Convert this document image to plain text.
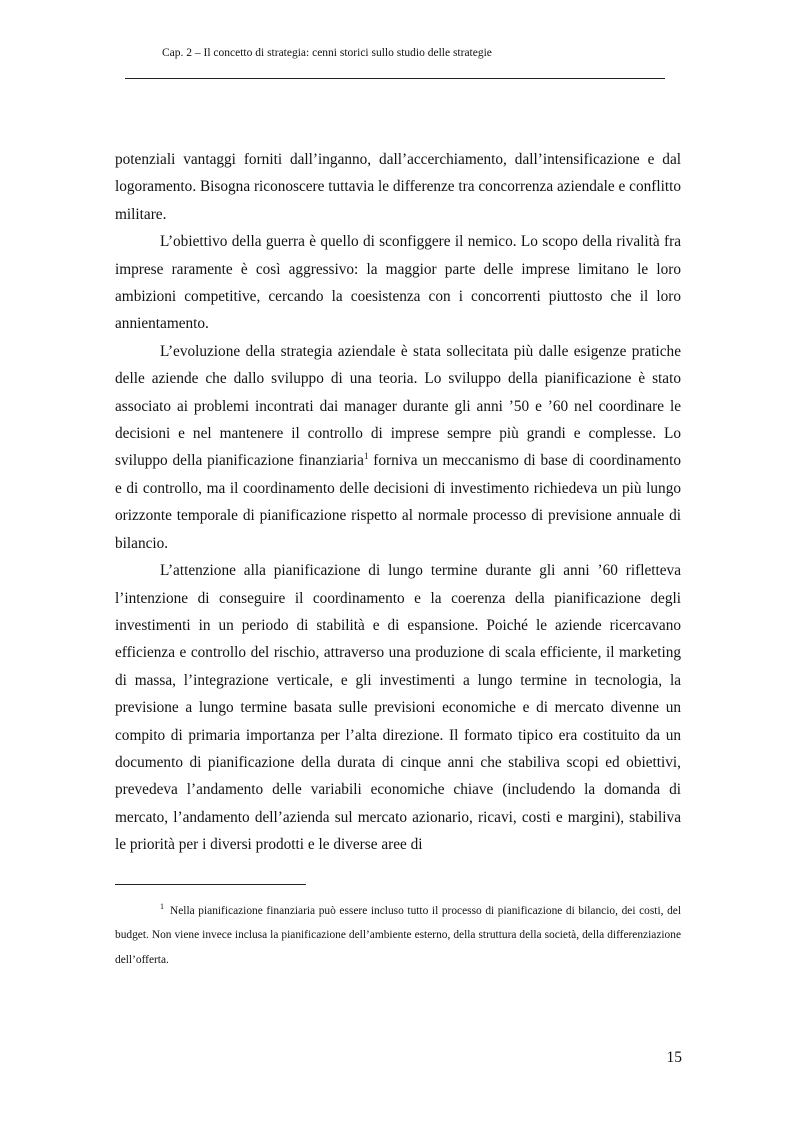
Cap. 2 – Il concetto di strategia: cenni storici sullo studio delle strategie

potenziali vantaggi forniti dall’inganno, dall’accerchiamento, dall’intensificazione e dal logoramento. Bisogna riconoscere tuttavia le differenze tra concorrenza aziendale e conflitto militare.

L’obiettivo della guerra è quello di sconfiggere il nemico. Lo scopo della rivalità fra imprese raramente è così aggressivo: la maggior parte delle imprese limitano le loro ambizioni competitive, cercando la coesistenza con i concorrenti piuttosto che il loro annientamento.

L’evoluzione della strategia aziendale è stata sollecitata più dalle esigenze pratiche delle aziende che dallo sviluppo di una teoria. Lo sviluppo della pianificazione è stato associato ai problemi incontrati dai manager durante gli anni ’50 e ’60 nel coordinare le decisioni e nel mantenere il controllo di imprese sempre più grandi e complesse. Lo sviluppo della pianificazione finanziaria$^1$ forniva un meccanismo di base di coordinamento e di controllo, ma il coordinamento delle decisioni di investimento richiedeva un più lungo orizzonte temporale di pianificazione rispetto al normale processo di previsione annuale di bilancio.

L’attenzione alla pianificazione di lungo termine durante gli anni ’60 rifletteva l’intenzione di conseguire il coordinamento e la coerenza della pianificazione degli investimenti in un periodo di stabilità e di espansione. Poiché le aziende ricercavano efficienza e controllo del rischio, attraverso una produzione di scala efficiente, il marketing di massa, l’integrazione verticale, e gli investimenti a lungo termine in tecnologia, la previsione a lungo termine basata sulle previsioni economiche e di mercato divenne un compito di primaria importanza per l’alta direzione. Il formato tipico era costituito da un documento di pianificazione della durata di cinque anni che stabiliva scopi ed obiettivi, prevedeva l’andamento delle variabili economiche chiave (includendo la domanda di mercato, l’andamento dell’azienda sul mercato azionario, ricavi, costi e margini), stabiliva le priorità per i diversi prodotti e le diverse aree di

$^1$ Nella pianificazione finanziaria può essere incluso tutto il processo di pianificazione di bilancio, dei costi, del budget. Non viene invece inclusa la pianificazione dell’ambiente esterno, della struttura della società, della differenziazione dell’offerta.

15
